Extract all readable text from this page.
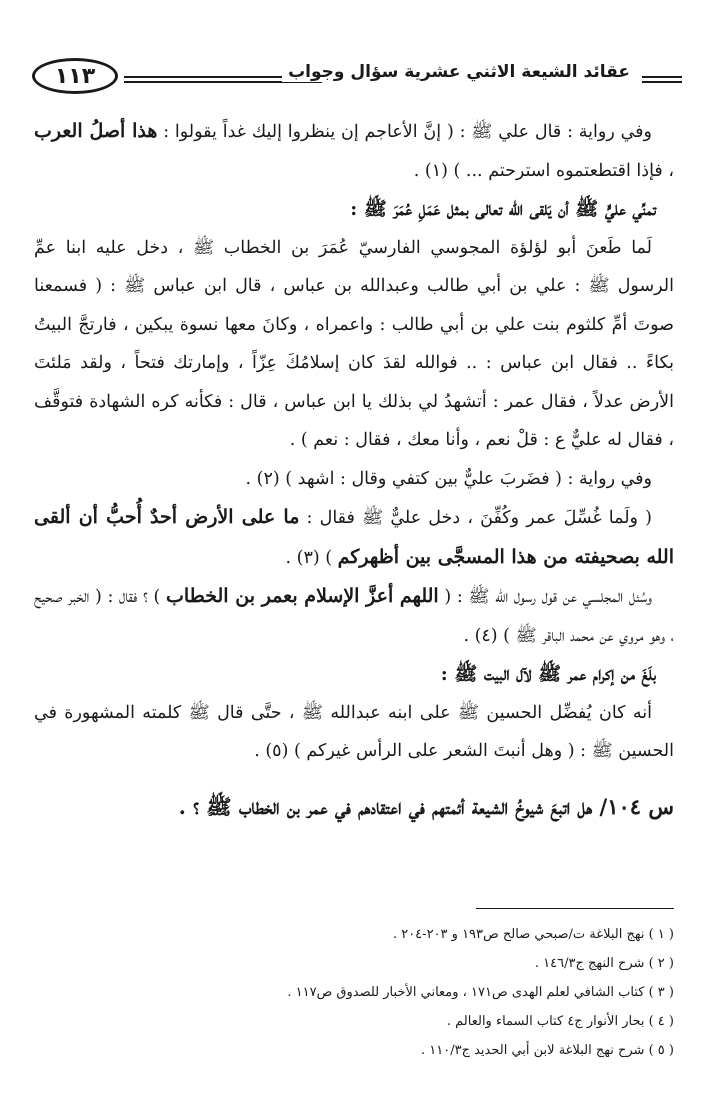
١١٣	عقائد الشيعة الاثني عشرية سؤال وجواب

وفي رواية : قال علي ﷺ : ( إنَّ الأعاجم إن ينظروا إليك غداً يقولوا : هذا أصلُ العرب ، فإذا اقتطعتموه استرحتم ... ) (١) .

تمنِّي عليٍّ ﷺ أن يَلقى الله تعالى بمثل عَمَلِ عُمَرَ ﷺ :

لَما طَعنَ أبو لؤلؤة المجوسي الفارسيّ عُمَرَ بن الخطاب ﷺ ، دخل عليه ابنا عمِّ الرسول ﷺ : علي بن أبي طالب وعبدالله بن عباس ، قال ابن عباس ﷺ : ( فسمعنا صوتَ أمِّ كلثوم بنت علي بن أبي طالب : واعمراه ، وكانَ معها نسوة يبكين ، فارتجَّ البيتُ بكاءً .. فقال ابن عباس : .. فوالله لقدَ كان إسلامُكَ عِزّاً ، وإمارتك فتحاً ، ولقد مَلئتَ الأرض عدلاً ، فقال عمر : أتشهدُ لي بذلك يا ابن عباس ، قال : فكأنه كره الشهادة فتوقَّف ، فقال له عليٌّ ع : قلْ نعم ، وأنا معك ، فقال : نعم ) .

وفي رواية : ( فضَربَ عليٌّ بين كتفي وقال : اشهد ) (٢) .

( ولَما غُسِّلَ عمر وكُفِّنَ ، دخل عليٌّ ﷺ فقال : ما على الأرض أحدٌ أُحبُّ أن ألقى الله بصحيفته من هذا المسجَّى بين أظهركم ) (٣) .

وسُئل المجلسي عن قول رسول الله ﷺ : ( اللهم أعزَّ الإسلام بعمر بن الخطاب ) ؟ فقال : ( الخبر صحيح ، وهو مروي عن محمد الباقر ﷺ ) (٤) .

بلَغَ من إكرام عمر ﷺ لآل البيت ﷺ :

أنه كان يُفضِّل الحسين ﷺ على ابنه عبدالله ﷺ ، حتَّى قال ﷺ كلمته المشهورة في الحسين ﷺ : ( وهل أنبتَ الشعر على الرأس غيركم ) (٥) .

س ١٠٤/ هل اتبعَ شيوخُ الشيعة أئمتهم في اعتقادهم في عمر بن الخطاب ﷺ ؟ .

( ١ ) نهج البلاغة ت/صبحي صالح ص١٩٣ و ٢٠٣-٢٠٤ .

( ٢ ) شرح النهج ج١٤٦/٣ .

( ٣ ) كتاب الشافي لعلم الهدى ص١٧١ ، ومعاني الأخبار للصدوق ص١١٧ .

( ٤ ) بحار الأنوار ج٤ كتاب السماء والعالم .

( ٥ ) شرح نهج البلاغة لابن أبي الحديد ج١١٠/٣ .
